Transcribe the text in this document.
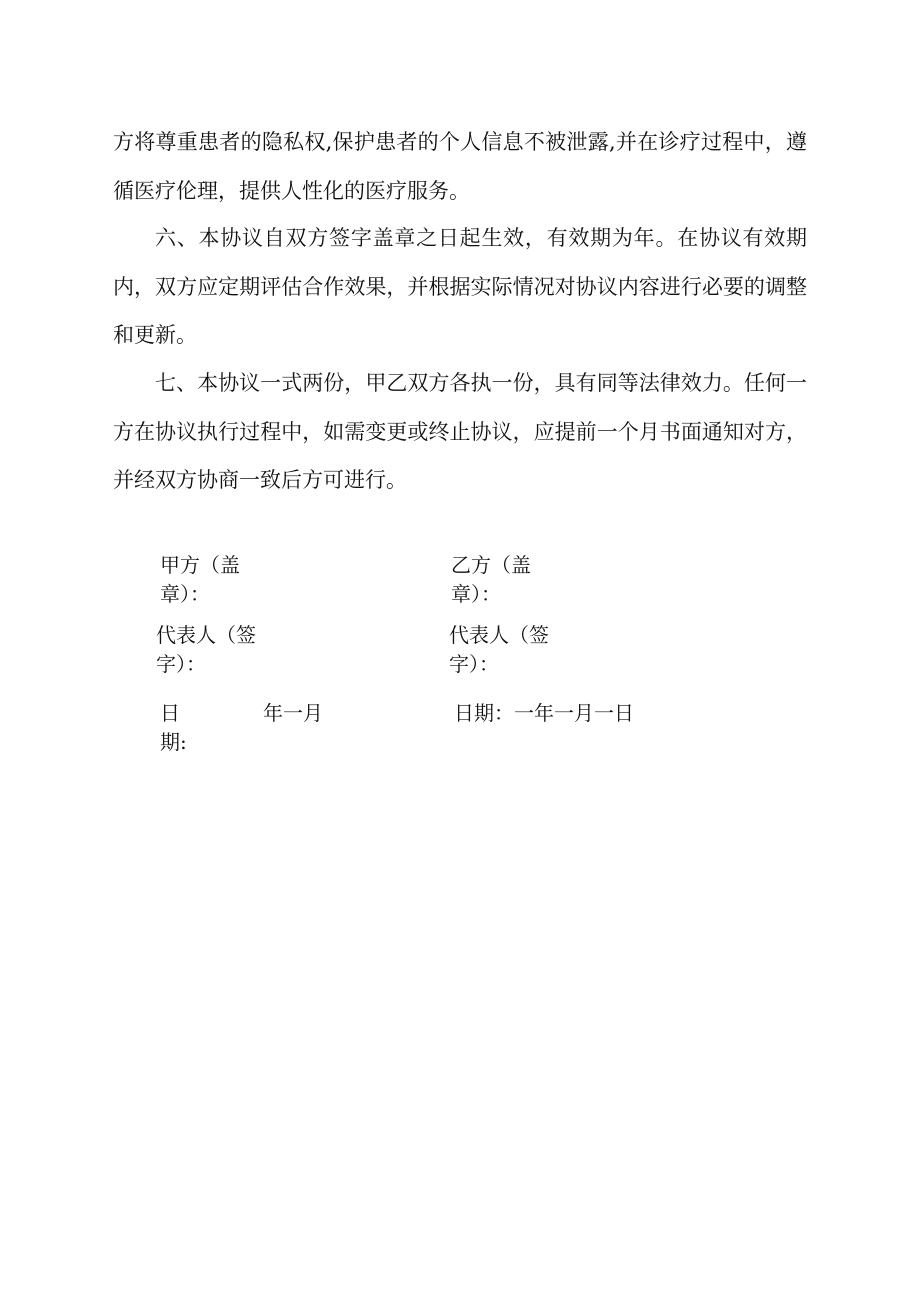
方将尊重患者的隐私权,保护患者的个人信息不被泄露,并在诊疗过程中，遵循医疗伦理，提供人性化的医疗服务。

六、本协议自双方签字盖章之日起生效，有效期为年。在协议有效期内，双方应定期评估合作效果，并根据实际情况对协议内容进行必要的调整和更新。

七、本协议一式两份，甲乙双方各执一份，具有同等法律效力。任何一方在协议执行过程中，如需变更或终止协议，应提前一个月书面通知对方，并经双方协商一致后方可进行。

甲方（盖
章）：
代表人（签
字）：
日
期:
年一月
乙方（盖
章）：
代表人（签
字）：
日期：一年一月一日
